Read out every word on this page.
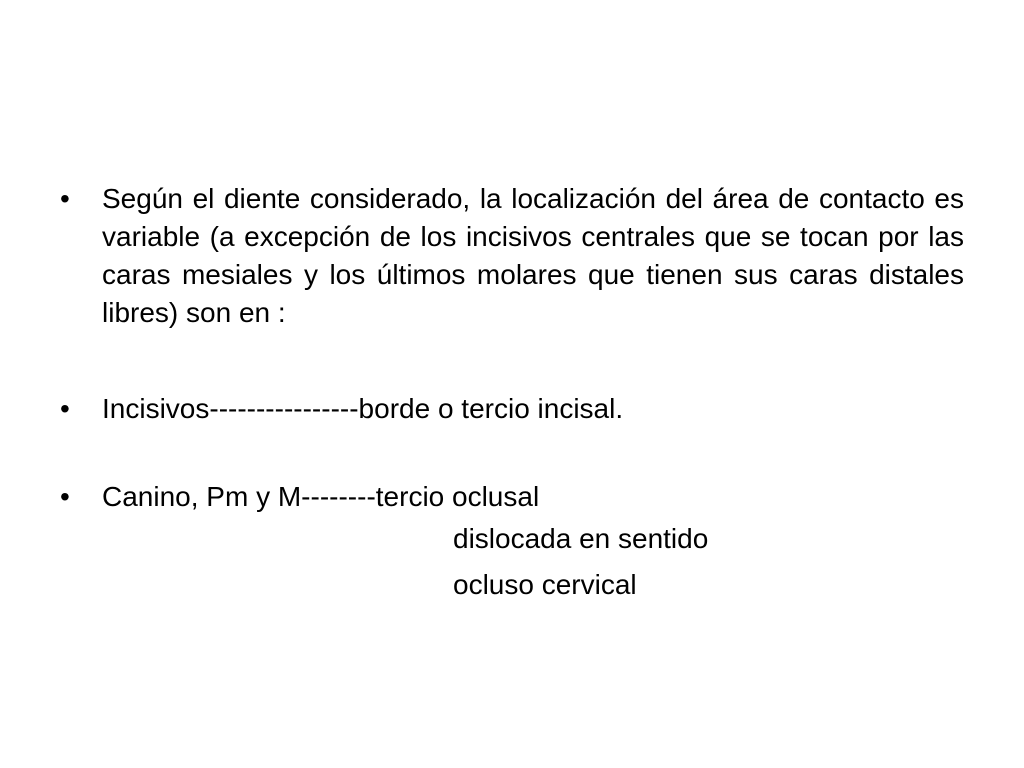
•	Según el diente considerado, la localización del área de contacto es variable (a excepción de los incisivos centrales que se tocan por las caras mesiales y los últimos molares que tienen sus caras distales libres) son en :
•	Incisivos----------------borde o tercio incisal.
•	Canino, Pm y M--------tercio oclusal
dislocada en sentido
ocluso cervical
